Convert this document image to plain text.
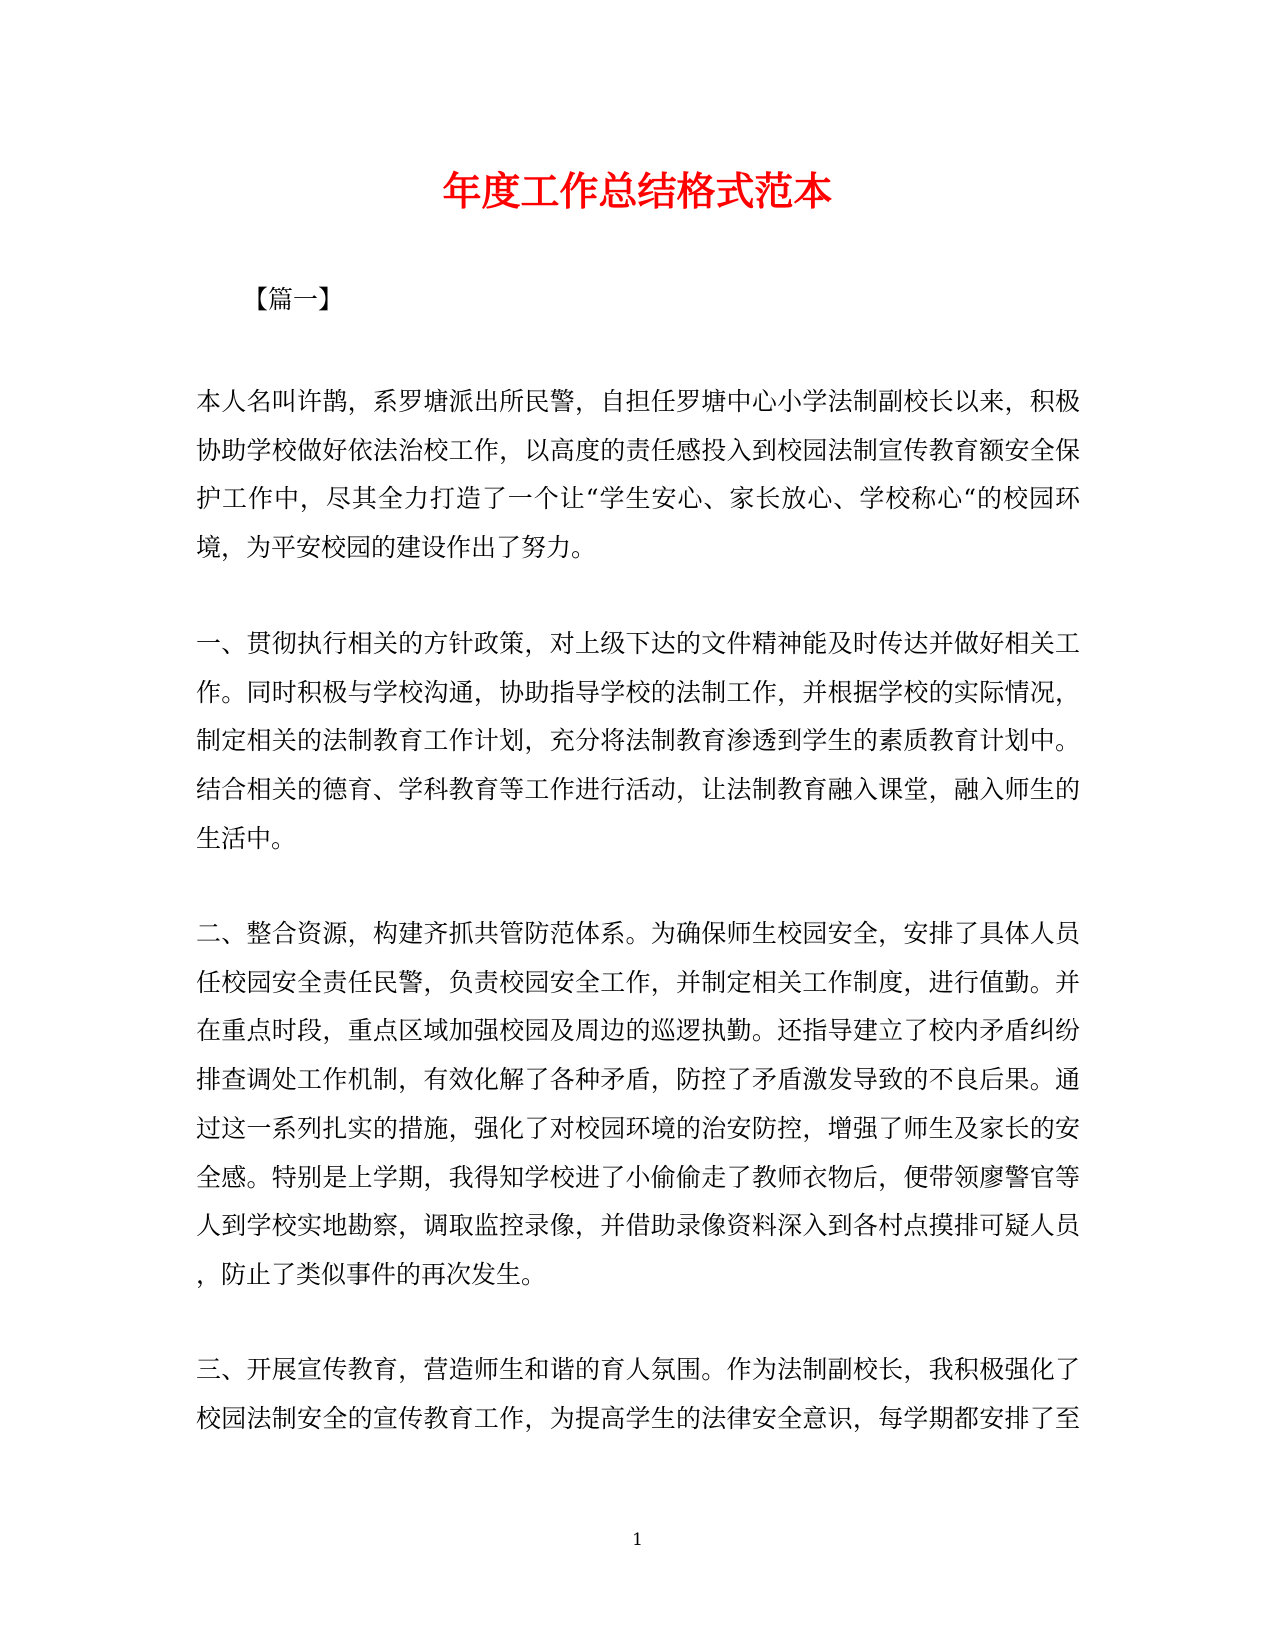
年度工作总结格式范本

【篇一】

本人名叫许鹊，系罗塘派出所民警，自担任罗塘中心小学法制副校长以来，积极
协助学校做好依法治校工作，以高度的责任感投入到校园法制宣传教育额安全保
护工作中，尽其全力打造了一个让“学生安心、家长放心、学校称心“的校园环
境，为平安校园的建设作出了努力。

一、贯彻执行相关的方针政策，对上级下达的文件精神能及时传达并做好相关工
作。同时积极与学校沟通，协助指导学校的法制工作，并根据学校的实际情况，
制定相关的法制教育工作计划，充分将法制教育渗透到学生的素质教育计划中。
结合相关的德育、学科教育等工作进行活动，让法制教育融入课堂，融入师生的
生活中。

二、整合资源，构建齐抓共管防范体系。为确保师生校园安全，安排了具体人员
任校园安全责任民警，负责校园安全工作，并制定相关工作制度，进行值勤。并
在重点时段，重点区域加强校园及周边的巡逻执勤。还指导建立了校内矛盾纠纷
排查调处工作机制，有效化解了各种矛盾，防控了矛盾激发导致的不良后果。通
过这一系列扎实的措施，强化了对校园环境的治安防控，增强了师生及家长的安
全感。特别是上学期，我得知学校进了小偷偷走了教师衣物后，便带领廖警官等
人到学校实地勘察，调取监控录像，并借助录像资料深入到各村点摸排可疑人员
，防止了类似事件的再次发生。

三、开展宣传教育，营造师生和谐的育人氛围。作为法制副校长，我积极强化了
校园法制安全的宣传教育工作，为提高学生的法律安全意识，每学期都安排了至

1
